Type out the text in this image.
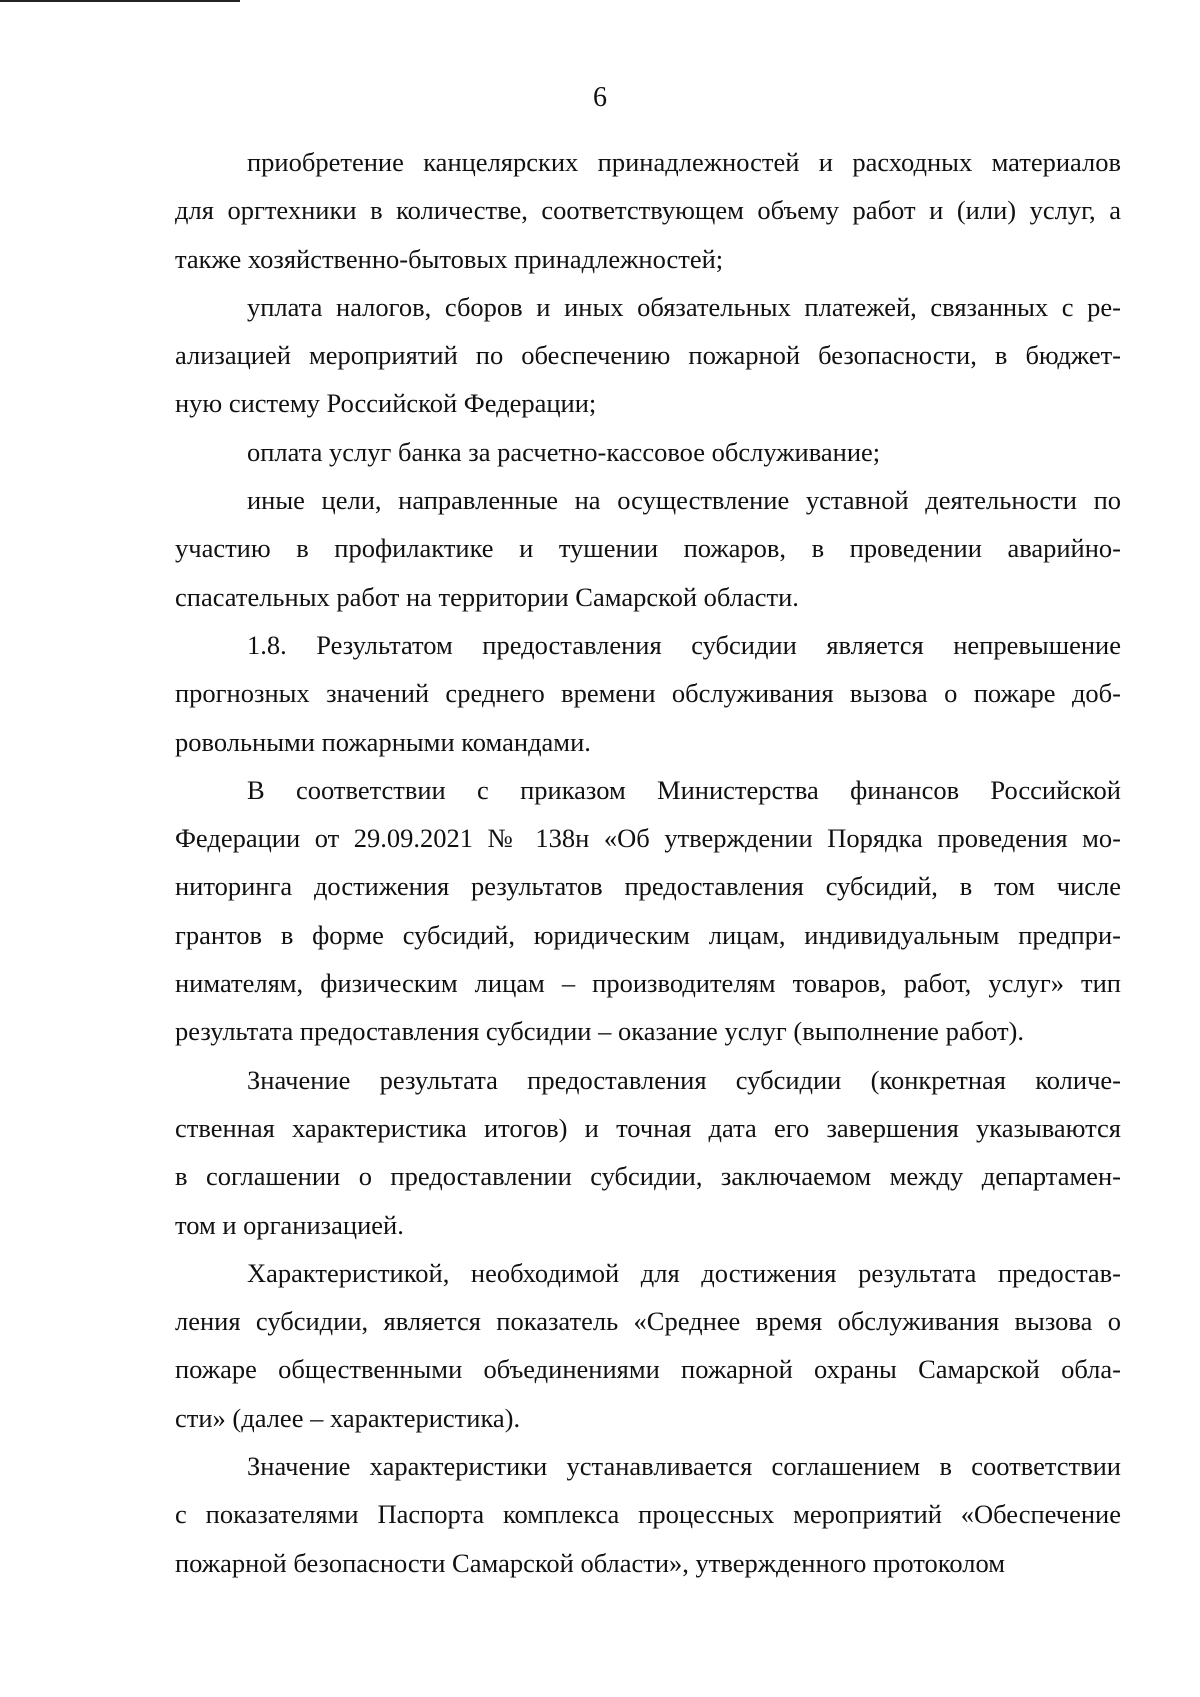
6
приобретение канцелярских принадлежностей и расходных материалов
для оргтехники в количестве, соответствующем объему работ и (или) услуг, а
также хозяйственно-бытовых принадлежностей;
уплата налогов, сборов и иных обязательных платежей, связанных с ре-
ализацией мероприятий по обеспечению пожарной безопасности, в бюджет-
ную систему Российской Федерации;
оплата услуг банка за расчетно-кассовое обслуживание;
иные цели, направленные на осуществление уставной деятельности по
участию в профилактике и тушении пожаров, в проведении аварийно-
спасательных работ на территории Самарской области.
1.8. Результатом предоставления субсидии является непревышение
прогнозных значений среднего времени обслуживания вызова о пожаре доб-
ровольными пожарными командами.
В соответствии с приказом Министерства финансов Российской
Федерации от 29.09.2021 № 138н «Об утверждении Порядка проведения мо-
ниторинга достижения результатов предоставления субсидий, в том числе
грантов в форме субсидий, юридическим лицам, индивидуальным предпри-
нимателям, физическим лицам – производителям товаров, работ, услуг» тип
результата предоставления субсидии – оказание услуг (выполнение работ).
Значение результата предоставления субсидии (конкретная количе-
ственная характеристика итогов) и точная дата его завершения указываются
в соглашении о предоставлении субсидии, заключаемом между департамен-
том и организацией.
Характеристикой, необходимой для достижения результата предостав-
ления субсидии, является показатель «Среднее время обслуживания вызова о
пожаре общественными объединениями пожарной охраны Самарской обла-
сти» (далее – характеристика).
Значение характеристики устанавливается соглашением в соответствии
с показателями Паспорта комплекса процессных мероприятий «Обеспечение
пожарной безопасности Самарской области», утвержденного протоколом
